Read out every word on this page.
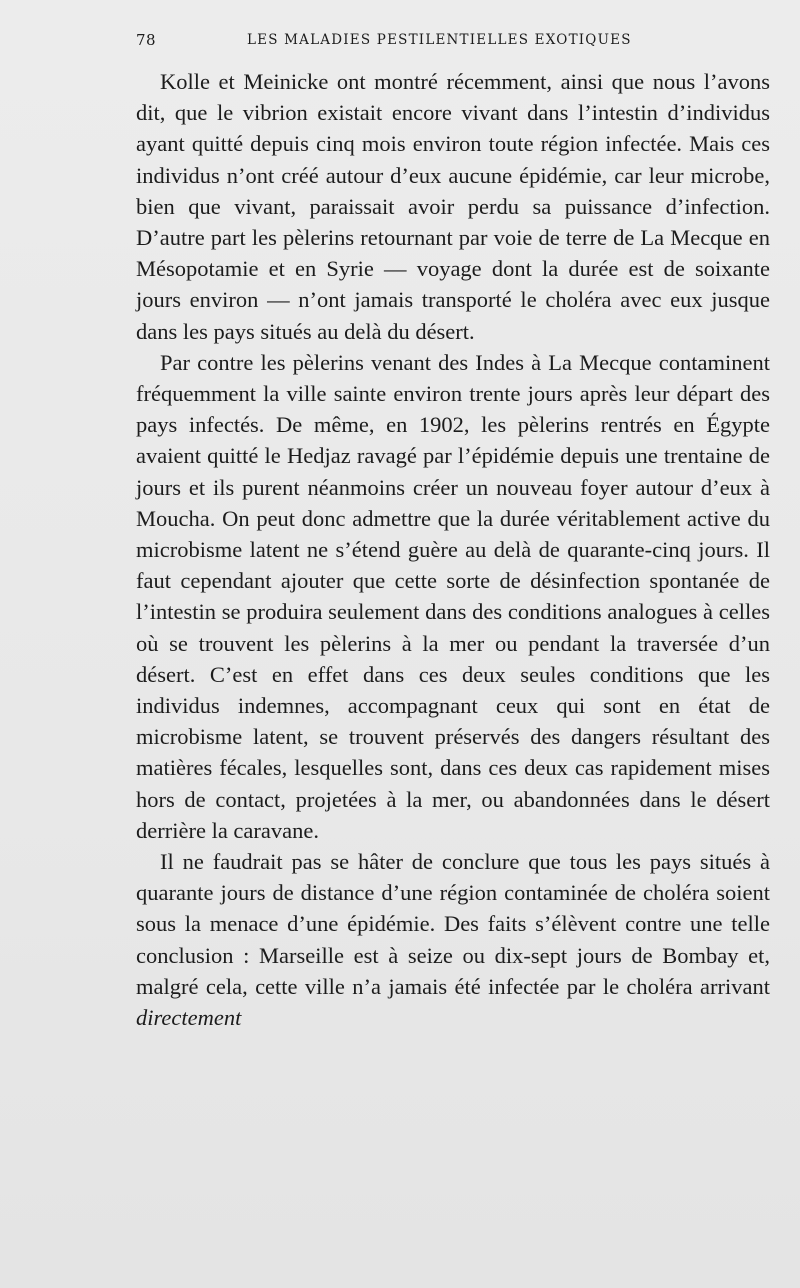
78	LES MALADIES PESTILENTIELLES EXOTIQUES

Kolle et Meinicke ont montré récemment, ainsi que nous l’avons dit, que le vibrion existait encore vivant dans l’intestin d’individus ayant quitté depuis cinq mois environ toute région infectée. Mais ces individus n’ont créé autour d’eux aucune épidémie, car leur microbe, bien que vivant, paraissait avoir perdu sa puissance d’infection. D’autre part les pèlerins retournant par voie de terre de La Mecque en Mésopotamie et en Syrie — voyage dont la durée est de soixante jours environ — n’ont jamais transporté le choléra avec eux jusque dans les pays situés au delà du désert.

Par contre les pèlerins venant des Indes à La Mecque contaminent fréquemment la ville sainte environ trente jours après leur départ des pays infectés. De même, en 1902, les pèlerins rentrés en Égypte avaient quitté le Hedjaz ravagé par l’épidémie depuis une trentaine de jours et ils purent néanmoins créer un nouveau foyer autour d’eux à Moucha. On peut donc admettre que la durée véritablement active du microbisme latent ne s’étend guère au delà de quarante-cinq jours. Il faut cependant ajouter que cette sorte de désinfection spontanée de l’intestin se produira seulement dans des conditions analogues à celles où se trouvent les pèlerins à la mer ou pendant la traversée d’un désert. C’est en effet dans ces deux seules conditions que les individus indemnes, accompagnant ceux qui sont en état de microbisme latent, se trouvent préservés des dangers résultant des matières fécales, lesquelles sont, dans ces deux cas rapidement mises hors de contact, projetées à la mer, ou abandonnées dans le désert derrière la caravane.

Il ne faudrait pas se hâter de conclure que tous les pays situés à quarante jours de distance d’une région contaminée de choléra soient sous la menace d’une épidémie. Des faits s’élèvent contre une telle conclusion : Marseille est à seize ou dix-sept jours de Bombay et, malgré cela, cette ville n’a jamais été infectée par le choléra arrivant directement
